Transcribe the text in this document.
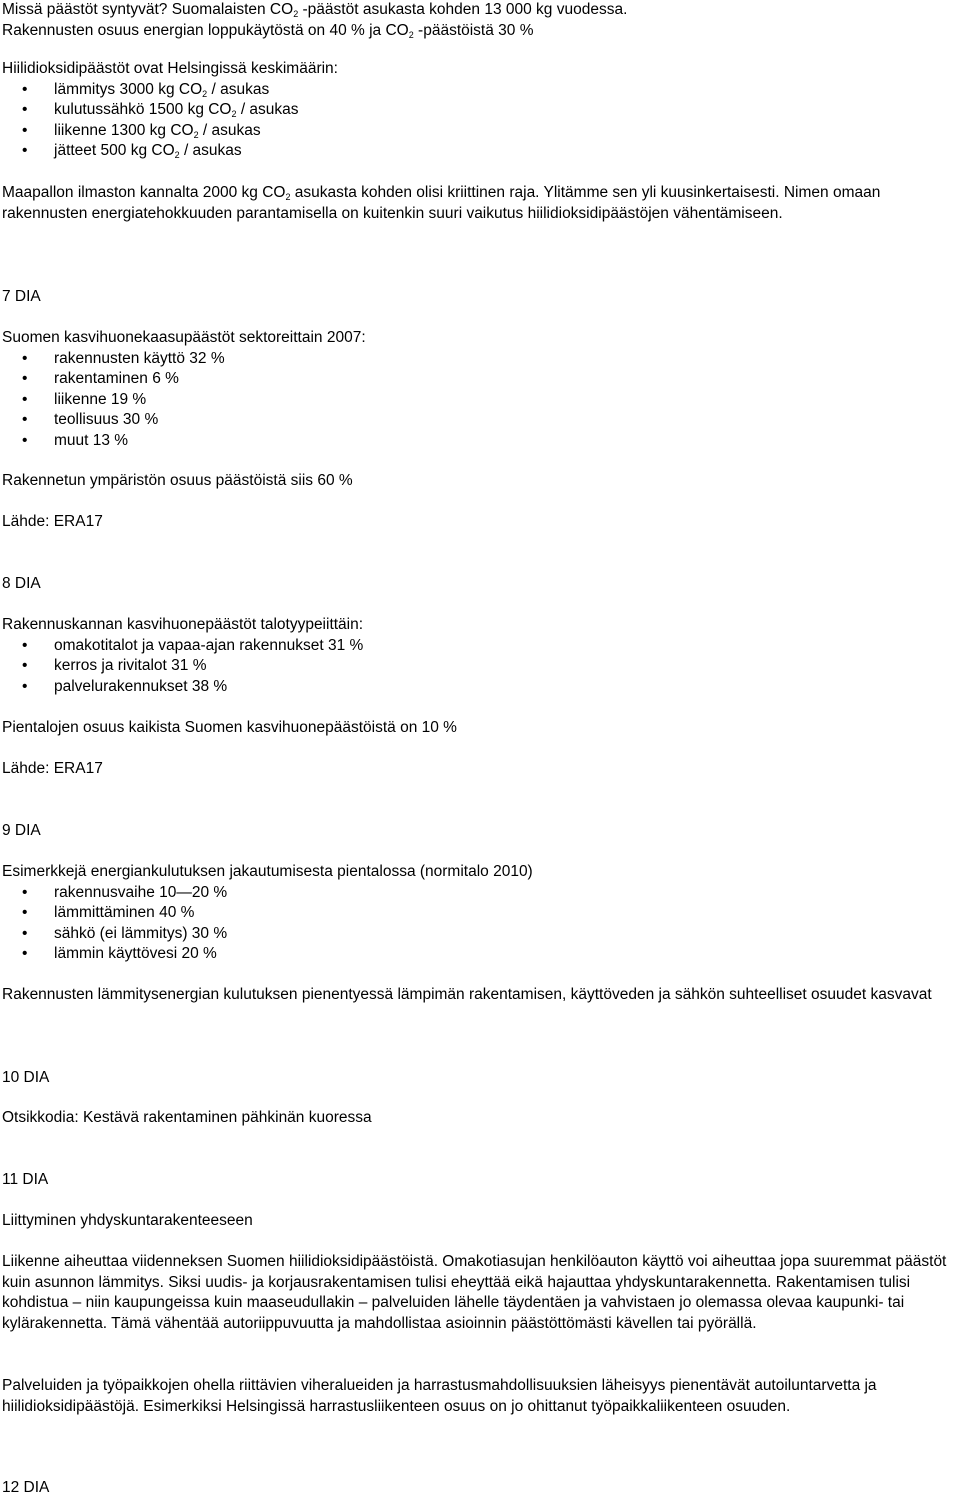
Missä päästöt syntyvät? Suomalaisten $CO_2$ -päästöt asukasta kohden 13 000 kg vuodessa.
Rakennusten osuus energian loppukäytöstä on 40 % ja $CO_2$ -päästöistä 30 %
Hiilidioksidipäästöt ovat Helsingissä keskimäärin:
• lämmitys 3000 kg $CO_2$ / asukas
• kulutussähkö 1500 kg $CO_2$ / asukas
• liikenne 1300 kg $CO_2$ / asukas
• jätteet 500 kg $CO_2$ / asukas
Maapallon ilmaston kannalta 2000 kg $CO_2$ asukasta kohden olisi kriittinen raja. Ylitämme sen yli kuusinkertaisesti. Nimen omaan rakennusten energiatehokkuuden parantamisella on kuitenkin suuri vaikutus hiilidioksidipäästöjen vähentämiseen.
7 DIA
Suomen kasvihuonekaasupäästöt sektoreittain 2007:
• rakennusten käyttö 32 %
• rakentaminen 6 %
• liikenne 19 %
• teollisuus 30 %
• muut 13 %
Rakennetun ympäristön osuus päästöistä siis 60 %
Lähde: ERA17
8 DIA
Rakennuskannan kasvihuonepäästöt talotyypeiittäin:
• omakotitalot ja vapaa-ajan rakennukset 31 %
• kerros ja rivitalot 31 %
• palvelurakennukset 38 %
Pientalojen osuus kaikista Suomen kasvihuonepäästöistä on 10 %
Lähde: ERA17
9 DIA
Esimerkkejä energiankulutuksen jakautumisesta pientalossa (normitalo 2010)
• rakennusvaihe 10—20 %
• lämmittäminen 40 %
• sähkö (ei lämmitys) 30 %
• lämmin käyttövesi 20 %
Rakennusten lämmitysenergian kulutuksen pienentyessä lämpimän rakentamisen, käyttöveden ja sähkön suhteelliset osuudet kasvavat
10 DIA
Otsikkodia: Kestävä rakentaminen pähkinän kuoressa
11 DIA
Liittyminen yhdyskuntarakenteeseen
Liikenne aiheuttaa viidenneksen Suomen hiilidioksidipäästöistä. Omakotiasujan henkilöauton käyttö voi aiheuttaa jopa suuremmat päästöt kuin asunnon lämmitys. Siksi uudis- ja korjausrakentamisen tulisi eheyttää eikä hajauttaa yhdyskuntarakennetta. Rakentamisen tulisi kohdistua – niin kaupungeissa kuin maaseudullakin – palveluiden lähelle täydentäen ja vahvistaen jo olemassa olevaa kaupunki- tai kylärakennetta. Tämä vähentää autoriippuvuutta ja mahdollistaa asioinnin päästöttömästi kävellen tai pyörällä.
Palveluiden ja työpaikkojen ohella riittävien viheralueiden ja harrastusmahdollisuuksien läheisyys pienentävät autoiluntarvetta ja hiilidioksidipäästöjä. Esimerkiksi Helsingissä harrastusliikenteen osuus on jo ohittanut työpaikkaliikenteen osuuden.
12 DIA
